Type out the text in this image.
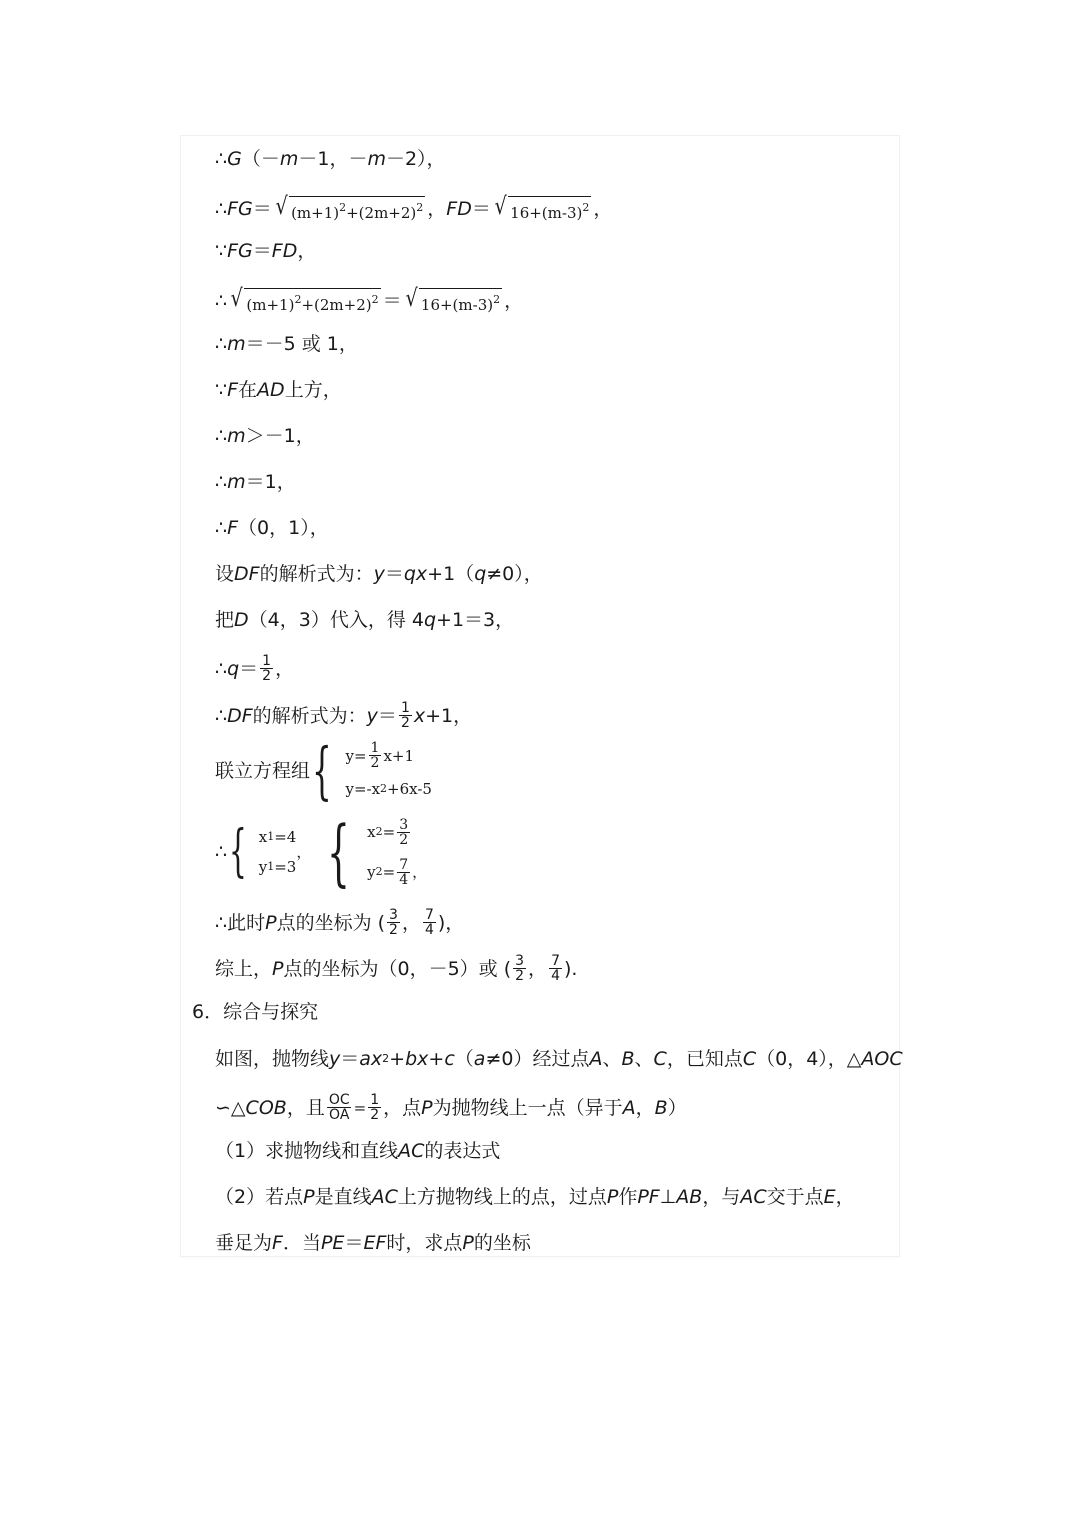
∴ G （－ m －1，－ m －2），
∴ FG ＝ √ $(m+1)^2+(2m+2)^2$ ， FD ＝ √ $16+(m-3)^2$ ，
∵ FG ＝ FD ，
∴ √ $(m+1)^2+(2m+2)^2$ ＝ √ $16+(m-3)^2$ ，
∴ m ＝－5 或 1，
∵ F 在 AD 上方，
∴ m ＞－1，
∴ m ＝1，
∴ F （0，1），
设 DF 的解析式为： y ＝ qx +1（ q ≠0），
把 D （4，3）代入，得 4 q +1＝3，
∴ $q = \frac{1}{2}$ ，
∴ DF 的解析式为： $y = \frac{1}{2}$ x +1，
联立方程组 { $y= \frac{1}{2} x+1$
y=-x 2 +6x-5
∴ { x 1 =4
y 1 =3
， { x $2 = \frac{3}{2}$
y $2 = \frac{7}{4}$ ，
∴此时 P 点的坐标为 ( $\frac{3}{2}$ ， $\frac{7}{4}$ )，
综上， P 点的坐标为（0，－5）或 ( $\frac{3}{2}$ ， $\frac{7}{4}$ ).
6．综合与探究
如图，抛物线 y ＝ ax 2 + bx + c （ a ≠0）经过点 A 、 B 、 C ，已知点 C （0，4），△ AOC
∽△ COB ，且 $\frac{OC}{OA} = \frac{1}{2}$ ，点 P 为抛物线上一点（异于 A ， B ）
（1）求抛物线和直线 AC 的表达式
（2）若点 P 是直线 AC 上方抛物线上的点，过点 P 作 PF ⊥ AB ，与 AC 交于点 E ，
垂足为 F ．当 PE ＝ EF 时，求点 P 的坐标
